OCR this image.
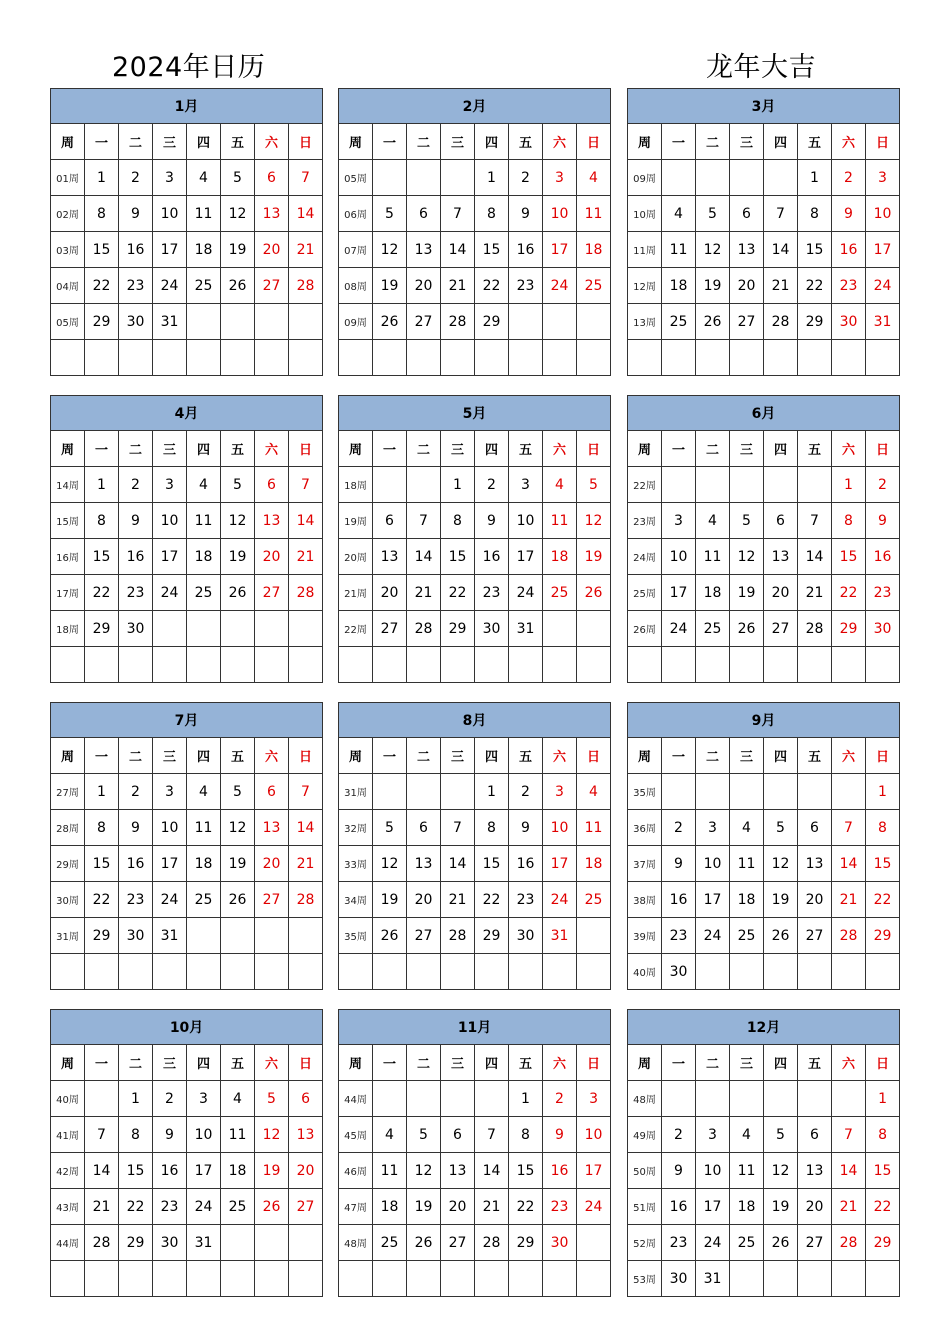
2024年日历	龙年大吉
1月							
周	一	二	三	四	五	六	日
01周	1	2	3	4	5	6	7
02周	8	9	10	11	12	13	14
03周	15	16	17	18	19	20	21
04周	22	23	24	25	26	27	28
05周	29	30	31				

2月							
周	一	二	三	四	五	六	日
05周				1	2	3	4
06周	5	6	7	8	9	10	11
07周	12	13	14	15	16	17	18
08周	19	20	21	22	23	24	25
09周	26	27	28	29			

3月							
周	一	二	三	四	五	六	日
09周					1	2	3
10周	4	5	6	7	8	9	10
11周	11	12	13	14	15	16	17
12周	18	19	20	21	22	23	24
13周	25	26	27	28	29	30	31

4月							
周	一	二	三	四	五	六	日
14周	1	2	3	4	5	6	7
15周	8	9	10	11	12	13	14
16周	15	16	17	18	19	20	21
17周	22	23	24	25	26	27	28
18周	29	30					

5月							
周	一	二	三	四	五	六	日
18周			1	2	3	4	5
19周	6	7	8	9	10	11	12
20周	13	14	15	16	17	18	19
21周	20	21	22	23	24	25	26
22周	27	28	29	30	31		

6月							
周	一	二	三	四	五	六	日
22周						1	2
23周	3	4	5	6	7	8	9
24周	10	11	12	13	14	15	16
25周	17	18	19	20	21	22	23
26周	24	25	26	27	28	29	30

7月							
周	一	二	三	四	五	六	日
27周	1	2	3	4	5	6	7
28周	8	9	10	11	12	13	14
29周	15	16	17	18	19	20	21
30周	22	23	24	25	26	27	28
31周	29	30	31				

8月							
周	一	二	三	四	五	六	日
31周				1	2	3	4
32周	5	6	7	8	9	10	11
33周	12	13	14	15	16	17	18
34周	19	20	21	22	23	24	25
35周	26	27	28	29	30	31	

9月							
周	一	二	三	四	五	六	日
35周							1
36周	2	3	4	5	6	7	8
37周	9	10	11	12	13	14	15
38周	16	17	18	19	20	21	22
39周	23	24	25	26	27	28	29
40周	30						
10月							
周	一	二	三	四	五	六	日
40周		1	2	3	4	5	6
41周	7	8	9	10	11	12	13
42周	14	15	16	17	18	19	20
43周	21	22	23	24	25	26	27
44周	28	29	30	31			

11月							
周	一	二	三	四	五	六	日
44周					1	2	3
45周	4	5	6	7	8	9	10
46周	11	12	13	14	15	16	17
47周	18	19	20	21	22	23	24
48周	25	26	27	28	29	30	

12月							
周	一	二	三	四	五	六	日
48周							1
49周	2	3	4	5	6	7	8
50周	9	10	11	12	13	14	15
51周	16	17	18	19	20	21	22
52周	23	24	25	26	27	28	29
53周	30	31					
